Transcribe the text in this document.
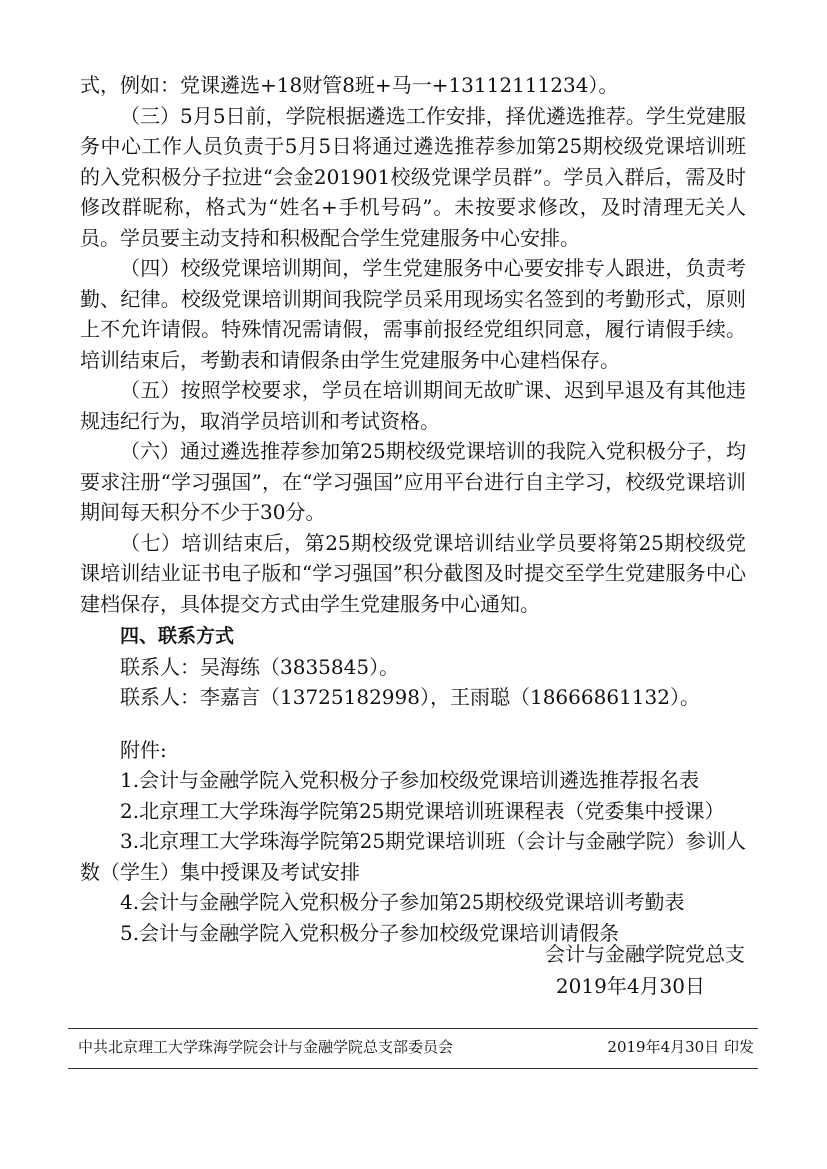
式，例如：党课遴选+18财管8班+马一+13112111234）。

（三）5月5日前，学院根据遴选工作安排，择优遴选推荐。学生党建服务中心工作人员负责于5月5日将通过遴选推荐参加第25期校级党课培训班的入党积极分子拉进“会金201901校级党课学员群”。学员入群后，需及时修改群昵称，格式为“姓名+手机号码”。未按要求修改，及时清理无关人员。学员要主动支持和积极配合学生党建服务中心安排。

（四）校级党课培训期间，学生党建服务中心要安排专人跟进，负责考勤、纪律。校级党课培训期间我院学员采用现场实名签到的考勤形式，原则上不允许请假。特殊情况需请假，需事前报经党组织同意，履行请假手续。培训结束后，考勤表和请假条由学生党建服务中心建档保存。

（五）按照学校要求，学员在培训期间无故旷课、迟到早退及有其他违规违纪行为，取消学员培训和考试资格。

（六）通过遴选推荐参加第25期校级党课培训的我院入党积极分子，均要求注册“学习强国”，在“学习强国”应用平台进行自主学习，校级党课培训期间每天积分不少于30分。

（七）培训结束后，第25期校级党课培训结业学员要将第25期校级党课培训结业证书电子版和“学习强国”积分截图及时提交至学生党建服务中心建档保存，具体提交方式由学生党建服务中心通知。

四、联系方式

联系人：吴海练（3835845）。

联系人：李嘉言（13725182998），王雨聪（18666861132）。

附件:

1.会计与金融学院入党积极分子参加校级党课培训遴选推荐报名表

2.北京理工大学珠海学院第25期党课培训班课程表（党委集中授课）

3.北京理工大学珠海学院第25期党课培训班（会计与金融学院）参训人数（学生）集中授课及考试安排

4.会计与金融学院入党积极分子参加第25期校级党课培训考勤表

5.会计与金融学院入党积极分子参加校级党课培训请假条

会计与金融学院党总支
2019年4月30日
中共北京理工大学珠海学院会计与金融学院总支部委员会	2019年4月30日 印发
